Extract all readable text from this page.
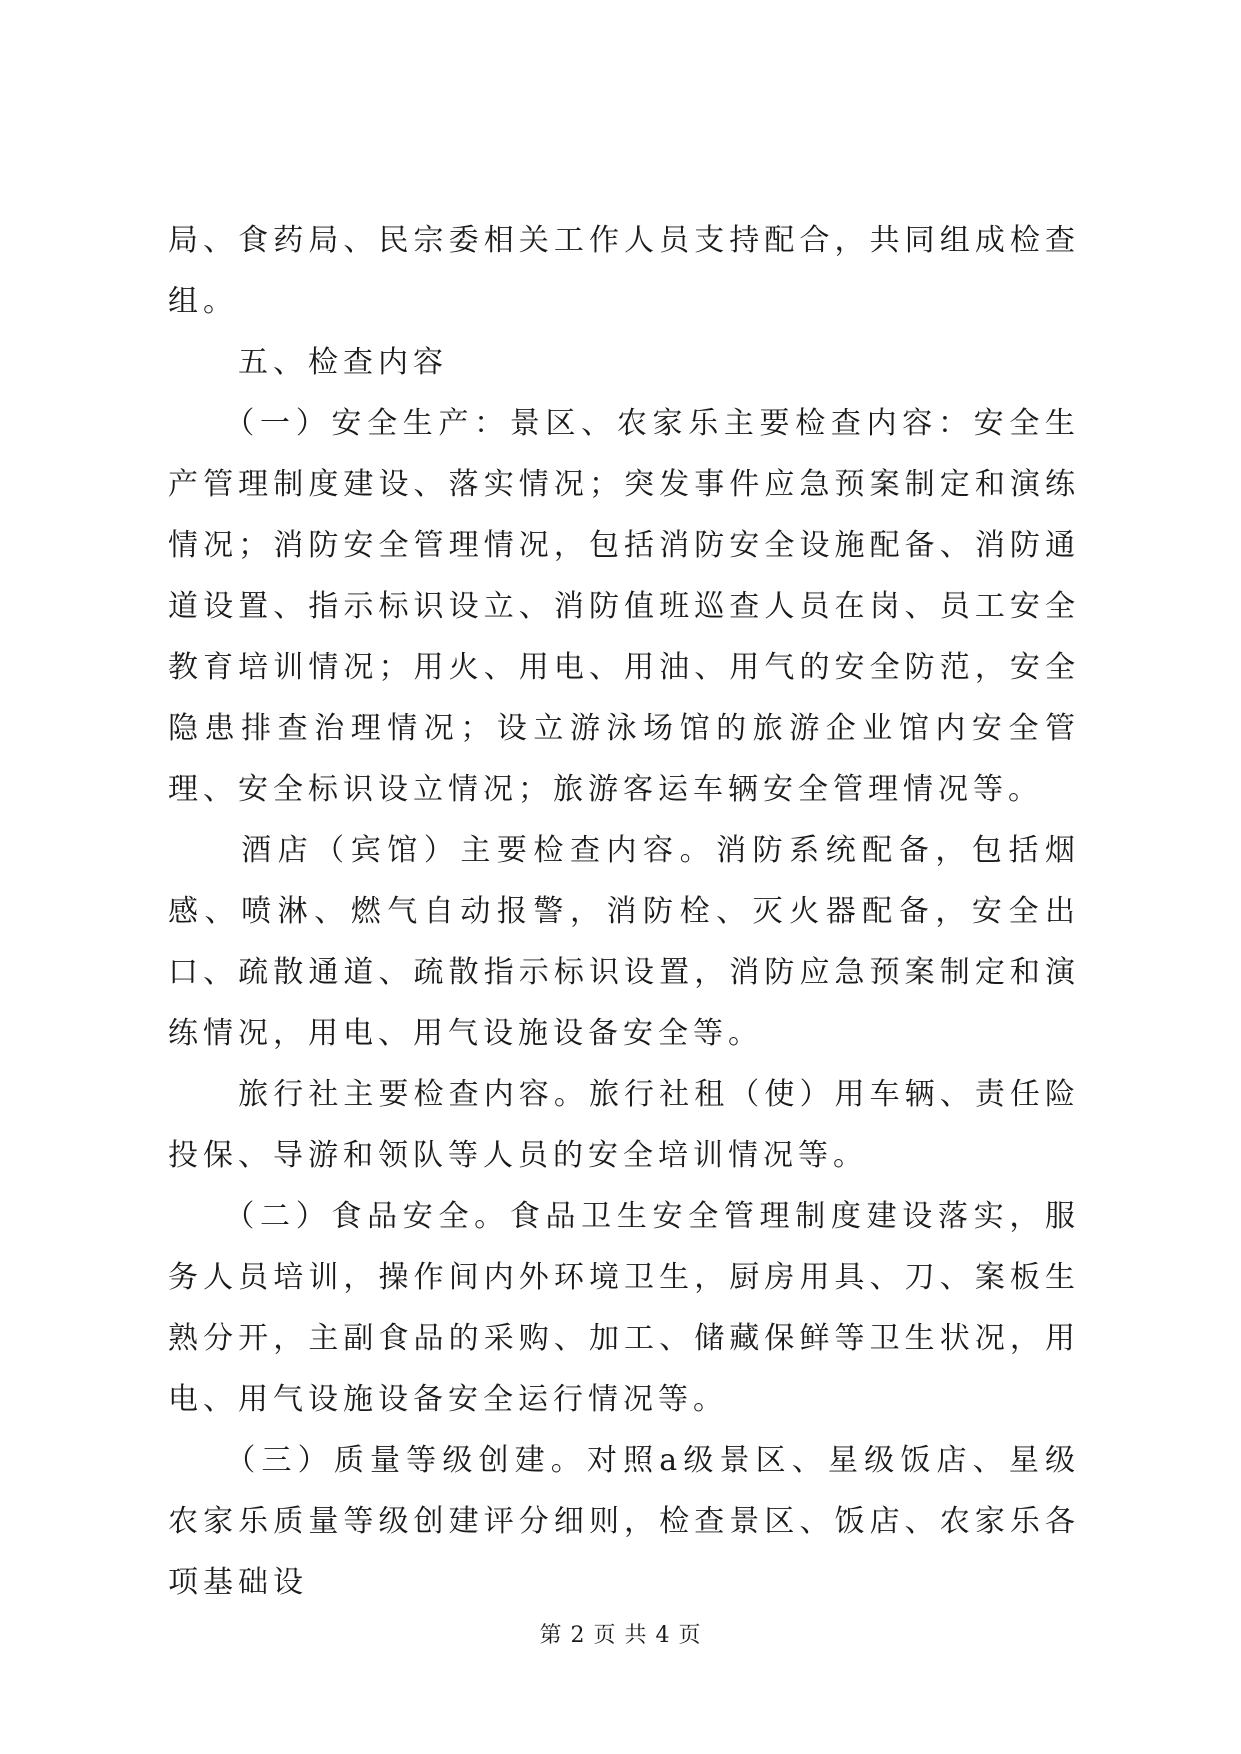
局、食药局、民宗委相关工作人员支持配合，共同组成检查组。

　　五、检查内容

　　（一）安全生产：景区、农家乐主要检查内容：安全生产管理制度建设、落实情况；突发事件应急预案制定和演练情况；消防安全管理情况，包括消防安全设施配备、消防通道设置、指示标识设立、消防值班巡查人员在岗、员工安全教育培训情况；用火、用电、用油、用气的安全防范，安全隐患排查治理情况；设立游泳场馆的旅游企业馆内安全管理、安全标识设立情况；旅游客运车辆安全管理情况等。

　　酒店（宾馆）主要检查内容。消防系统配备，包括烟感、喷淋、燃气自动报警，消防栓、灭火器配备，安全出口、疏散通道、疏散指示标识设置，消防应急预案制定和演练情况，用电、用气设施设备安全等。

　　旅行社主要检查内容。旅行社租（使）用车辆、责任险投保、导游和领队等人员的安全培训情况等。

　　（二）食品安全。食品卫生安全管理制度建设落实，服务人员培训，操作间内外环境卫生，厨房用具、刀、案板生熟分开，主副食品的采购、加工、储藏保鲜等卫生状况，用电、用气设施设备安全运行情况等。

　　（三）质量等级创建。对照a级景区、星级饭店、星级农家乐质量等级创建评分细则，检查景区、饭店、农家乐各项基础设

第 2 页 共 4 页
